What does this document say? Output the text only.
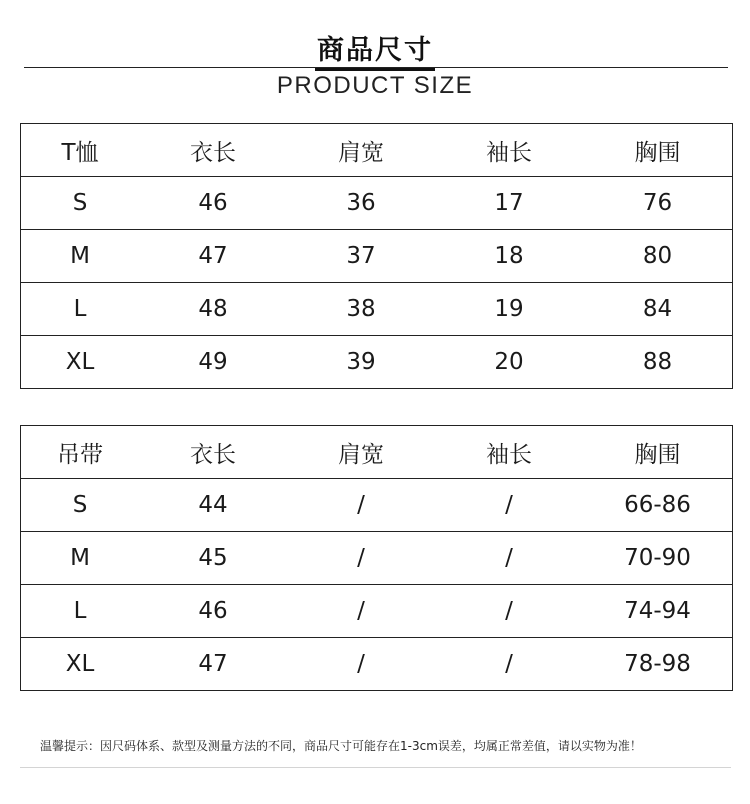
商品尺寸
PRODUCT SIZE
T恤	衣长	肩宽	袖长	胸围
S	46	36	17	76
M	47	37	18	80
L	48	38	19	84
XL	49	39	20	88
吊带	衣长	肩宽	袖长	胸围
S	44	/	/	66-86
M	45	/	/	70-90
L	46	/	/	74-94
XL	47	/	/	78-98
温馨提示：因尺码体系、款型及测量方法的不同，商品尺寸可能存在1-3cm误差，均属正常差值，请以实物为准！
